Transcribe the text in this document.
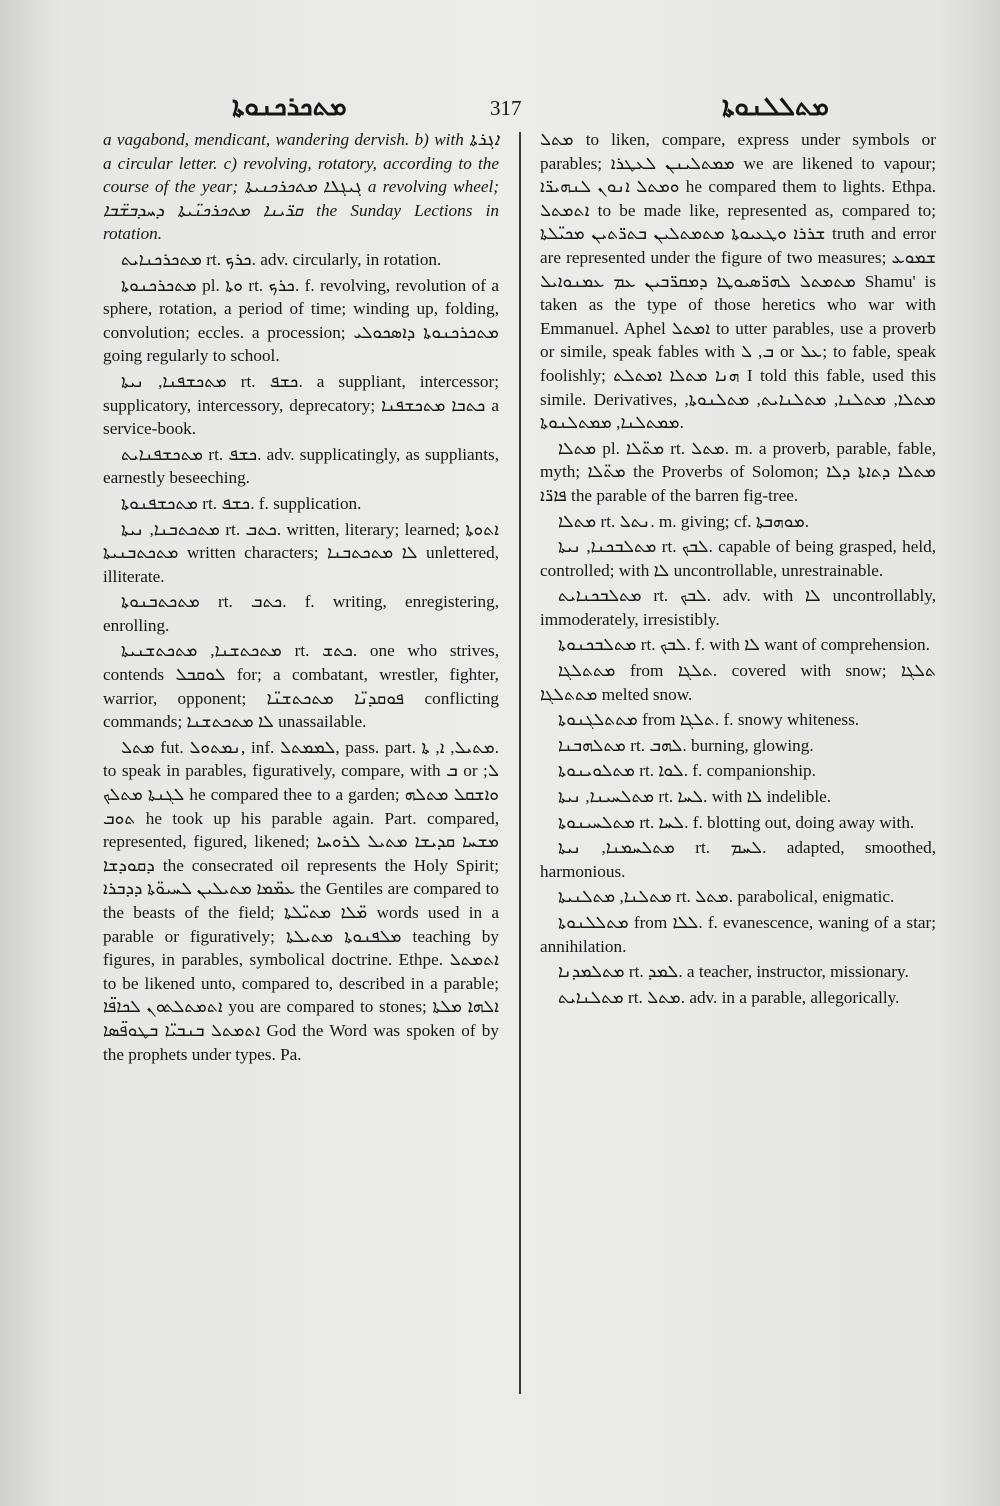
ܡܬܟܪܟܢܘܬܐ	317	ܡܬܠܠܢܘܬܐ

a vagabond, mendicant, wandering dervish. b) with ܐܓܪܬܐ a circular letter. c) revolving, rotatory, according to the course of the year; ܓܝܓܠܐ ܡܬܟܪܟܢܝܬܐ a revolving wheel; ܩܪ̈ܝܢܐ ܡܬܟܪܟܢ̈ܝܬܐ ܕܚܕܒܫ̈ܒܐ the Sunday Lections in rotation.

ܡܬܟܪܟܢܐܝܬ rt. ܟܪܟ. adv. circularly, in rotation.

ܡܬܟܪܟܢܘܬܐ pl. ܘܬܐ rt. ܟܪܟ. f. revolving, revolution of a sphere, rotation, a period of time; winding up, folding, convolution; eccles. a procession; ܡܬܟܪܟܢܘܬܐ ܕܐܣܟܘܠܝ going regularly to school.

ܡܬܟܫܦܢܐ, ܢܝܬܐ rt. ܟܫܦ. a suppliant, intercessor; supplicatory, intercessory, deprecatory; ܟܬܒܐ ܡܬܟܫܦܢܐ a service-book.

ܡܬܟܫܦܢܐܝܬ rt. ܟܫܦ. adv. supplicatingly, as suppliants, earnestly beseeching.

ܡܬܟܫܦܢܘܬܐ rt. ܟܫܦ. f. supplication.

ܡܬܟܬܒܢܐ, ܢܝܬܐ rt. ܟܬܒ. written, literary; learned; ܐܬܘܬܐ ܡܬܟܬܒܢܝܬܐ written characters; ܠܐ ܡܬܟܬܒܢܐ unlettered, illiterate.

ܡܬܟܬܒܢܘܬܐ rt. ܟܬܒ. f. writing, enregistering, enrolling.

ܡܬܟܬܫܢܐ, ܡܬܟܬܫܢܝܬܐ rt. ܟܬܫ. one who strives, contends ܠܘܩܒܠ for; a combatant, wrestler, fighter, warrior, opponent; ܦܘܩܕܢ̈ܐ ܡܬܟܬܫܢ̈ܐ conflicting commands; ܠܐ ܡܬܟܬܫܢܐ unassailable.

ܡܬܠ fut. ܢܡܬܘܠ, inf. ܠܡܡܬܠ, pass. part. ܡܬܝܠ, ܐ, ܬܐ. to speak in parables, figuratively, compare, with ܒ or ܠ; ܠܓܢܬܐ ܡܬܠܟ he compared thee to a garden; ܘܐܫܩܠ ܡܬܠܗ ܬܘܒ he took up his parable again. Part. compared, represented, figured, likened; ܡܫܚܐ ܩܕܝܫܐ ܡܬܝܠ ܠܪܘܚܐ ܕܩܘܕܫܐ the consecrated oil represents the Holy Spirit; ܥܡ̈ܡܐ ܡܬܝܠܝܢ ܠܚܝܘ̈ܬܐ ܕܕܒܪܐ the Gentiles are compared to the beasts of the field; ܡ̈ܠܐ ܡܬܝ̈ܠܬܐ words used in a parable or figuratively; ܡܠܦܢܘܬܐ ܡܬܝܠܬܐ teaching by figures, in parables, symbolical doctrine. Ethpe. ܐܬܡܬܠ to be likened unto, compared to, described in a parable; ܐܬܡܬܠܬܘܢ ܠܟܐܦ̈ܐ you are compared to stones; ܐܠܗܐ ܡܠܬܐ ܐܬܡܬܠ ܒܢܒܝ̈ܐ ܒܛܘܦ̈ܣܐ God the Word was spoken of by the prophets under types. Pa.

ܡܬܠ to liken, compare, express under symbols or parables; ܡܡܬܠܝܢܢ ܠܥܛܪܐ we are likened to vapour; ܘܡܬܠ ܐܢܘܢ ܠܢܗܝܪ̈ܐ he compared them to lights. Ethpa. ܐܬܡܬܠ to be made like, represented as, compared to; ܫܪܪܐ ܘܛܥܝܘܬܐ ܡܬܡܬܠܝܢ ܒܬܪ̈ܬܝܢ ܡܟܝ̈ܠܬܐ truth and error are represented under the figure of two measures; ܫܡܘܥ ܡܬܡܬܠ ܠܗܪ̈ܣܝܘܛܐ ܕܡܩܪ̈ܒܝܢ ܥܡ ܥܡܢܘܐܝܠ Shamu' is taken as the type of those heretics who war with Emmanuel. Aphel ܐܡܬܠ to utter parables, use a proverb or simile, speak fables with ܒ, ܠ or ܥܠ; to fable, speak foolishly; ܗܢܐ ܡܬܠܐ ܐܡܬܠܬ I told this fable, used this simile. Derivatives, ܡܬܠܐ, ܡܬܠܢܐ, ܡܬܠܢܐܝܬ, ܡܬܠܢܘܬܐ, ܡܡܬܠܢܐ, ܡܡܬܠܢܘܬܐ.

ܡܬܠܐ pl. ܡܬ̈ܠܐ rt. ܡܬܠ. m. a proverb, parable, fable, myth; ܡܬ̈ܠܐ the Proverbs of Solomon; ܡܬܠܐ ܕܬܐܬܐ ܕܠܐ ܦܐܪ̈ܐ the parable of the barren fig-tree.

ܡܬܠܐ rt. ܢܬܠ. m. giving; cf. ܡܘܗܒܬܐ.

ܡܬܠܒܟܢܐ, ܢܝܬܐ rt. ܠܒܟ. capable of being grasped, held, controlled; with ܠܐ uncontrollable, unrestrainable.

ܡܬܠܒܟܢܐܝܬ rt. ܠܒܟ. adv. with ܠܐ uncontrollably, immoderately, irresistibly.

ܡܬܠܒܟܢܘܬܐ rt. ܠܒܟ. f. with ܠܐ want of comprehension.

ܡܬܬܠܓܐ from ܬܠܓܐ. covered with snow; ܬܠܓܐ ܡܬܬܠܓܐ melted snow.

ܡܬܬܠܓܢܘܬܐ from ܬܠܓܐ. f. snowy whiteness.

ܡܬܠܗܒܢܐ rt. ܠܗܒ. burning, glowing.

ܡܬܠܘܝܢܘܬܐ rt. ܠܘܐ. f. companionship.

ܡܬܠܚܝܢܐ, ܢܝܬܐ rt. ܠܚܐ. with ܠܐ indelible.

ܡܬܠܚܝܢܘܬܐ rt. ܠܚܐ. f. blotting out, doing away with.

ܡܬܠܚܡܢܐ, ܢܝܬܐ rt. ܠܚܡ. adapted, smoothed, harmonious.

ܡܬܠܢܐ, ܡܬܠܢܝܬܐ rt. ܡܬܠ. parabolical, enigmatic.

ܡܬܠܠܢܘܬܐ from ܠܠܐ. f. evanescence, waning of a star; annihilation.

ܡܬܠܡܕܢܐ rt. ܠܡܕ. a teacher, instructor, missionary.

ܡܬܠܢܐܝܬ rt. ܡܬܠ. adv. in a parable, allegorically.
